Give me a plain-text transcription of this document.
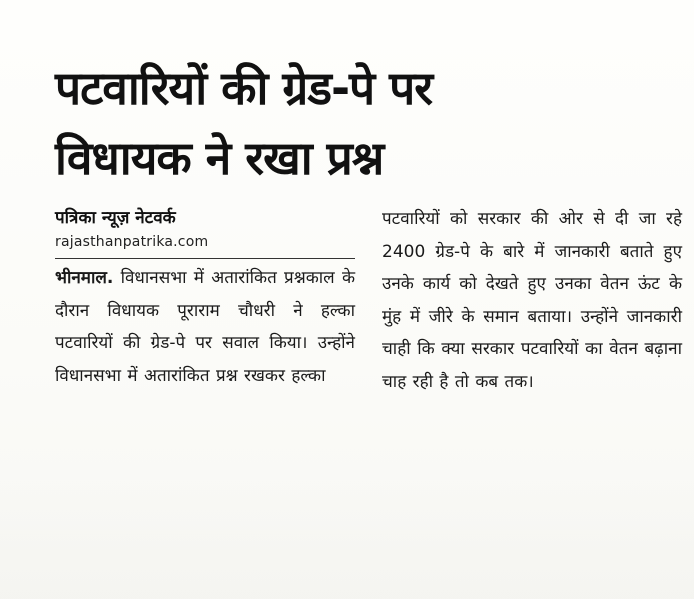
पटवारियों की ग्रेड-पे पर
विधायक ने रखा प्रश्न
पत्रिका न्यूज़ नेटवर्क
rajasthanpatrika.com

भीनमाल. विधानसभा में अतारांकित प्रश्नकाल के दौरान विधायक पूराराम चौधरी ने हल्का पटवारियों की ग्रेड-पे पर सवाल किया। उन्होंने विधानसभा में अतारांकित प्रश्न रखकर हल्का

पटवारियों को सरकार की ओर से दी जा रहे 2400 ग्रेड-पे के बारे में जानकारी बताते हुए उनके कार्य को देखते हुए उनका वेतन ऊंट के मुंह में जीरे के समान बताया। उन्होंने जानकारी चाही कि क्या सरकार पटवारियों का वेतन बढ़ाना चाह रही है तो कब तक।
